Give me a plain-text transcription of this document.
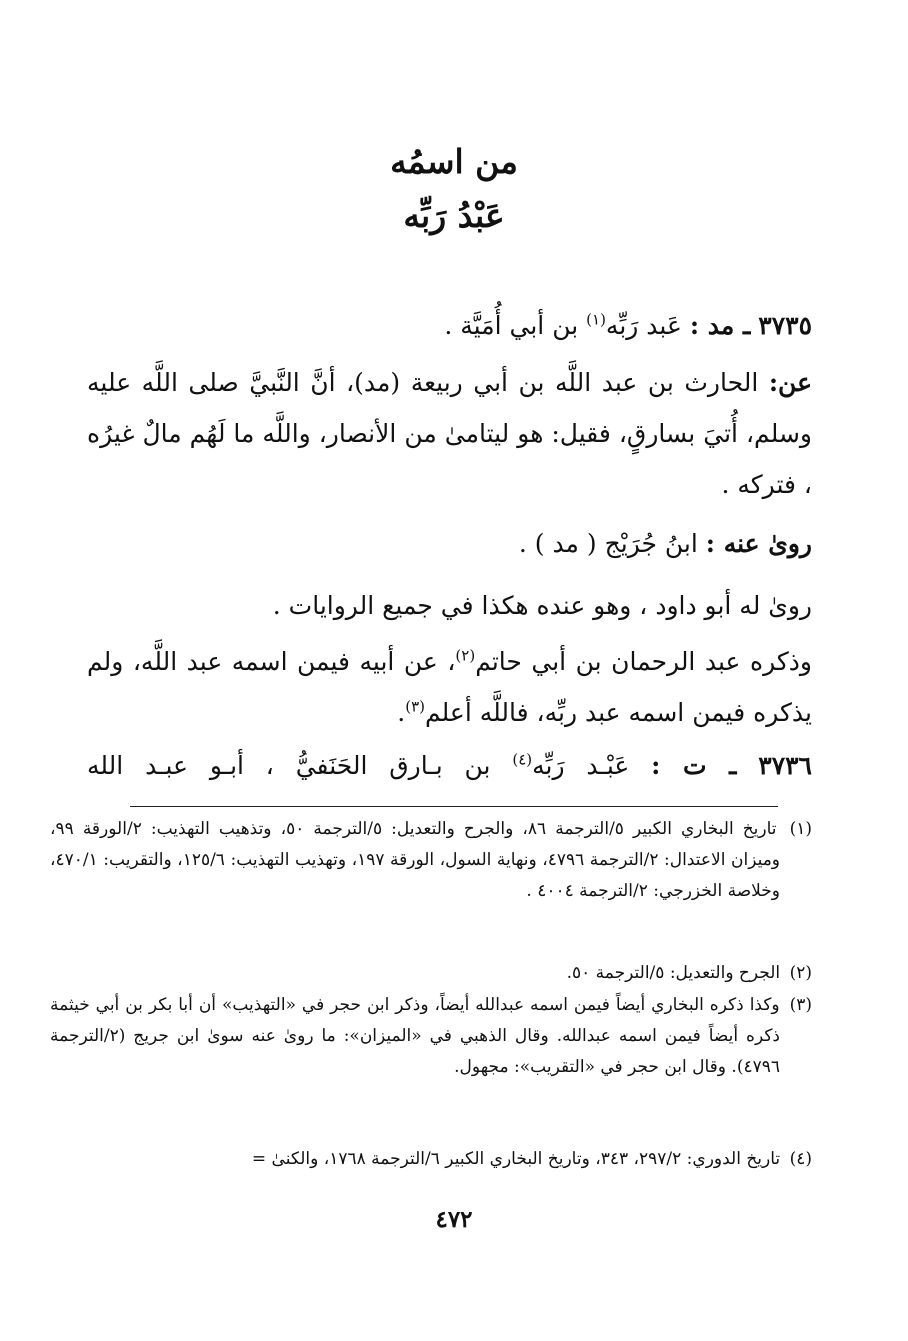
من اسمُه
عَبْدُ رَبِّه
٣٧٣٥ ـ مد : عَبد رَبِّه$^{(١)}$ بن أبي أُمَيَّة .
عن: الحارث بن عبد اللَّه بن أبي ربيعة (مد)، أنَّ النَّبيَّ صلى اللَّه عليه وسلم، أُتيَ بسارقٍ، فقيل: هو ليتامىٰ من الأنصار، واللَّه ما لَهُم مالٌ غيرُه ، فتركه .
روىٰ عنه : ابنُ جُرَيْج ( مد ) .
روىٰ له أبو داود ، وهو عنده هكذا في جميع الروايات .
وذكره عبد الرحمان بن أبي حاتم$^{(٢)}$، عن أبيه فيمن اسمه عبد اللَّه، ولم يذكره فيمن اسمه عبد ربِّه، فاللَّه أعلم$^{(٣)}$.
٣٧٣٦ ـ ت : عَبْـد رَبِّه$^{(٤)}$ بن بـارق الحَنَفيُّ ، أبـو عبـد الله
(١) تاريخ البخاري الكبير ٥/الترجمة ٨٦، والجرح والتعديل: ٥/الترجمة ٥٠، وتذهيب التهذيب: ٢/الورقة ٩٩، وميزان الاعتدال: ٢/الترجمة ٤٧٩٦، ونهاية السول، الورقة ١٩٧، وتهذيب التهذيب: ١٢٥/٦، والتقريب: ٤٧٠/١، وخلاصة الخزرجي: ٢/الترجمة ٤٠٠٤ .
(٢) الجرح والتعديل: ٥/الترجمة ٥٠.
(٣) وكذا ذكره البخاري أيضاً فيمن اسمه عبدالله أيضاً، وذكر ابن حجر في «التهذيب» أن أبا بكر بن أبي خيثمة ذكره أيضاً فيمن اسمه عبدالله. وقال الذهبي في «الميزان»: ما روىٰ عنه سوىٰ ابن جريج (٢/الترجمة ٤٧٩٦). وقال ابن حجر في «التقريب»: مجهول.
(٤) تاريخ الدوري: ٢٩٧/٢، ٣٤٣، وتاريخ البخاري الكبير ٦/الترجمة ١٧٦٨، والكنىٰ =
٤٧٢
